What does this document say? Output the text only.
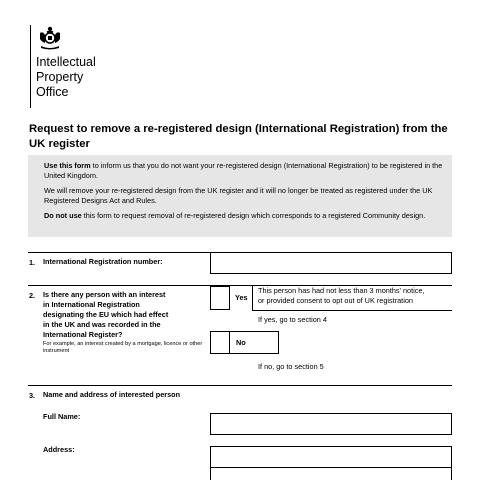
Intellectual
Property
Office
Request to remove a re-registered design (International Registration) from the UK register
Use this form to inform us that you do not want your re-registered design (International Registration) to be registered in the United Kingdom.
We will remove your re-registered design from the UK register and it will no longer be treated as registered under the UK Registered Designs Act and Rules.
Do not use this form to request removal of re-registered design which corresponds to a registered Community design.
1. International Registration number:
2. Is there any person with an interest
in International Registration
designating the EU which had effect
in the UK and was recorded in the
International Register?
For example, an interest created by a mortgage, licence or other instrument
Yes
This person has had not less than 3 months' notice,
or provided consent to opt out of UK registration
If yes, go to section 4
No
If no, go to section 5
3. Name and address of interested person
Full Name:
Address:
